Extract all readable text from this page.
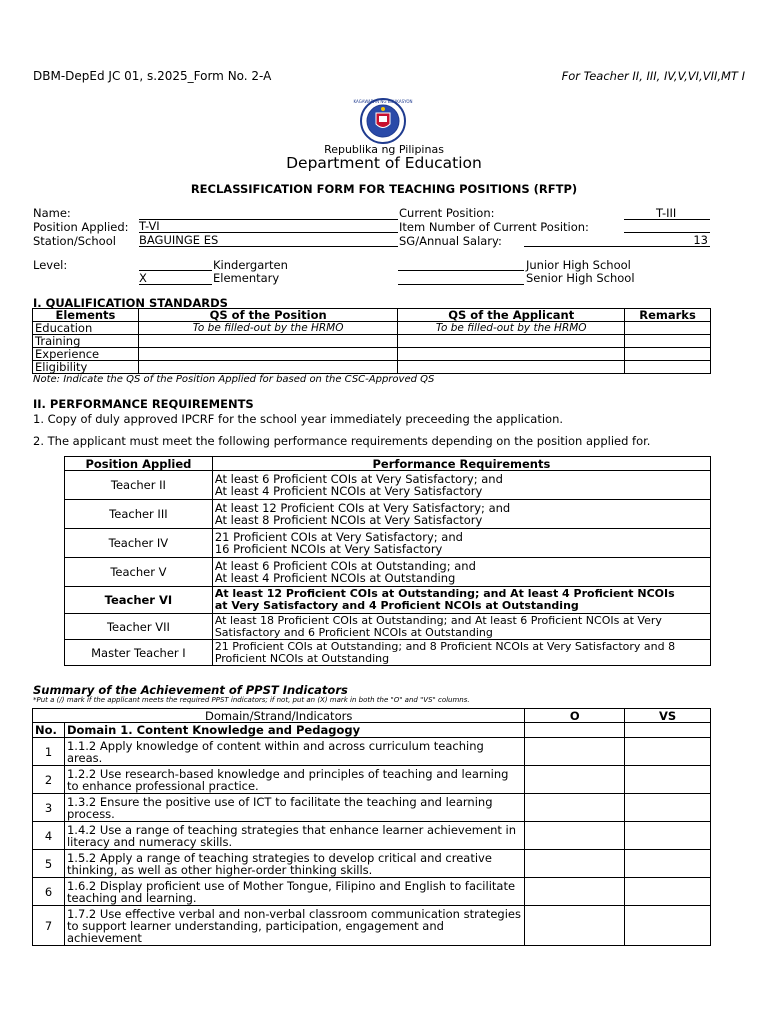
DBM-DepEd JC 01, s.2025_Form No. 2-A	For Teacher II, III, IV,V,VI,VII,MT I
KAGAWARAN NG EDUKASYON
Republika ng Pilipinas
Department of Education
RECLASSIFICATION FORM FOR TEACHING POSITIONS (RFTP)
Name:
Position Applied: T-VI
Station/School BAGUINGE ES
Current Position:	T-III
Item Number of Current Position:
SG/Annual Salary:	13
Level:	Kindergarten
X	Elementary
Junior High School
Senior High School
I. QUALIFICATION STANDARDS
Elements	QS of the Position	QS of the Applicant	Remarks
Education	To be filled-out by the HRMO	To be filled-out by the HRMO	
Training			
Experience			
Eligibility			
Note: Indicate the QS of the Position Applied for based on the CSC-Approved QS
II. PERFORMANCE REQUIREMENTS
1. Copy of duly approved IPCRF for the school year immediately preceeding the application.
2. The applicant must meet the following performance requirements depending on the position applied for.
Position Applied	Performance Requirements
Teacher II	At least 6 Proficient COIs at Very Satisfactory; and
At least 4 Proficient NCOIs at Very Satisfactory

Teacher III	At least 12 Proficient COIs at Very Satisfactory; and
At least 8 Proficient NCOIs at Very Satisfactory

Teacher IV	21 Proficient COIs at Very Satisfactory; and
16 Proficient NCOIs at Very Satisfactory

Teacher V	At least 6 Proficient COIs at Outstanding; and
At least 4 Proficient NCOIs at Outstanding

Teacher VI	At least 12 Proficient COIs at Outstanding; and At least 4 Proficient NCOIs
at Very Satisfactory and 4 Proficient NCOIs at Outstanding

Teacher VII	At least 18 Proficient COIs at Outstanding; and At least 6 Proficient NCOIs at Very
Satisfactory and 6 Proficient NCOIs at Outstanding

Master Teacher I	21 Proficient COIs at Outstanding; and 8 Proficient NCOIs at Very Satisfactory and 8
Proficient NCOIs at Outstanding
Summary of the Achievement of PPST Indicators
*Put a (/) mark if the applicant meets the required PPST indicators; if not, put an (X) mark in both the "O" and "VS" columns.
Domain/Strand/Indicators		O	VS
No.	Domain 1. Content Knowledge and Pedagogy		
1	1.1.2 Apply knowledge of content within and across curriculum teaching areas.		
2	1.2.2 Use research-based knowledge and principles of teaching and learning to enhance professional practice.		
3	1.3.2 Ensure the positive use of ICT to facilitate the teaching and learning process.		
4	1.4.2 Use a range of teaching strategies that enhance learner achievement in literacy and numeracy skills.		
5	1.5.2 Apply a range of teaching strategies to develop critical and creative thinking, as well as other higher-order thinking skills.		
6	1.6.2 Display proficient use of Mother Tongue, Filipino and English to facilitate teaching and learning.		
7	1.7.2 Use effective verbal and non-verbal classroom communication strategies to support learner understanding, participation, engagement and achievement		
